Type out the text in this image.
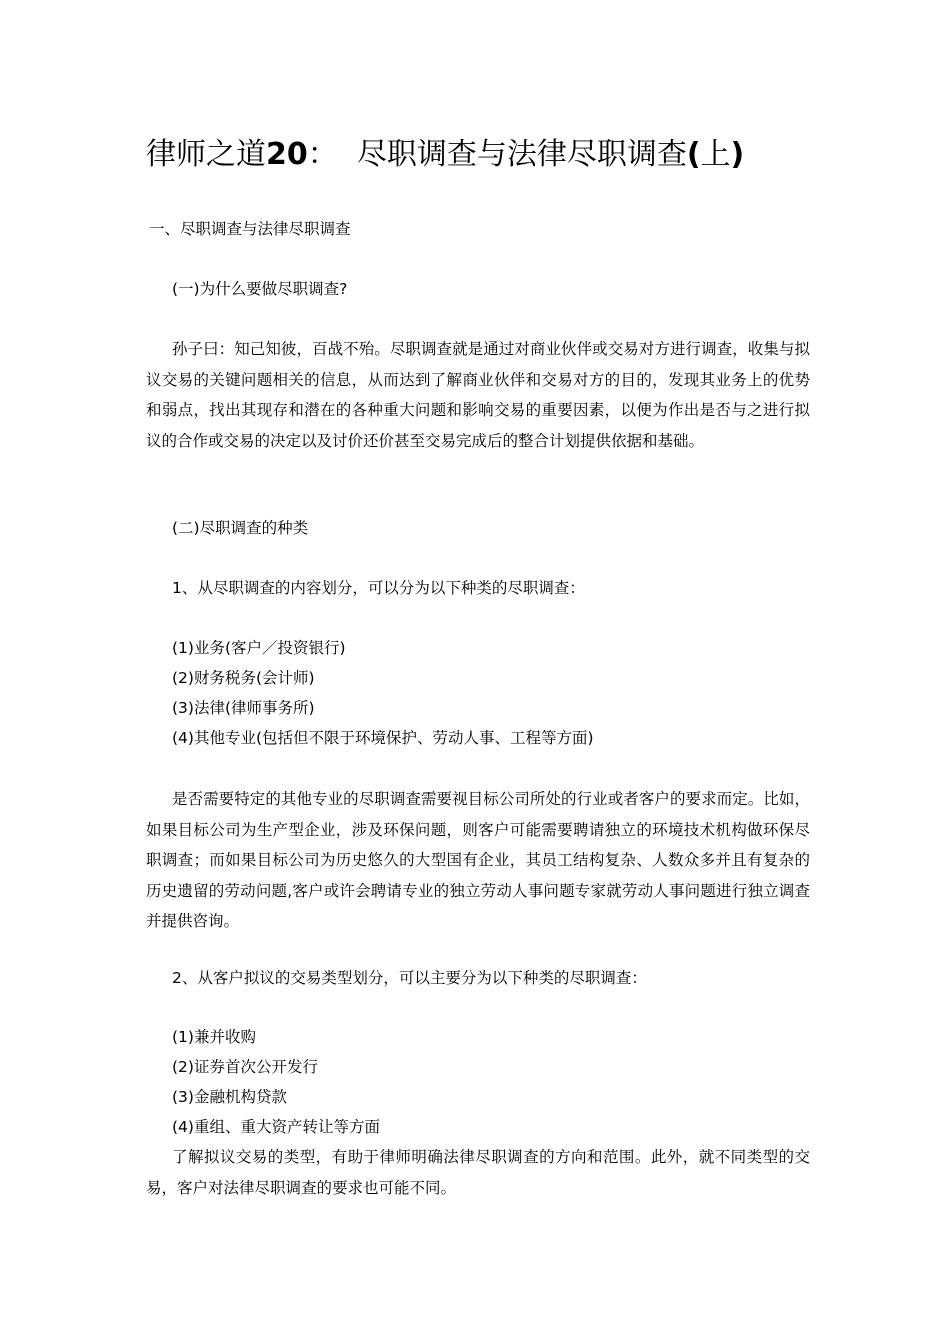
律师之道20： 尽职调查与法律尽职调查(上)
一、尽职调查与法律尽职调查
(一)为什么要做尽职调查?
孙子曰：知己知彼，百战不殆。尽职调查就是通过对商业伙伴或交易对方进行调查，收集与拟议交易的关键问题相关的信息，从而达到了解商业伙伴和交易对方的目的，发现其业务上的优势和弱点，找出其现存和潜在的各种重大问题和影响交易的重要因素，以便为作出是否与之进行拟议的合作或交易的决定以及讨价还价甚至交易完成后的整合计划提供依据和基础。
(二)尽职调查的种类
1、从尽职调查的内容划分，可以分为以下种类的尽职调查：
(1)业务(客户／投资银行)
(2)财务税务(会计师)
(3)法律(律师事务所)
(4)其他专业(包括但不限于环境保护、劳动人事、工程等方面)
是否需要特定的其他专业的尽职调查需要视目标公司所处的行业或者客户的要求而定。比如，如果目标公司为生产型企业，涉及环保问题，则客户可能需要聘请独立的环境技术机构做环保尽职调查；而如果目标公司为历史悠久的大型国有企业，其员工结构复杂、人数众多并且有复杂的历史遗留的劳动问题,客户或许会聘请专业的独立劳动人事问题专家就劳动人事问题进行独立调查并提供咨询。
2、从客户拟议的交易类型划分，可以主要分为以下种类的尽职调查：
(1)兼并收购
(2)证券首次公开发行
(3)金融机构贷款
(4)重组、重大资产转让等方面
了解拟议交易的类型，有助于律师明确法律尽职调查的方向和范围。此外，就不同类型的交易，客户对法律尽职调查的要求也可能不同。
